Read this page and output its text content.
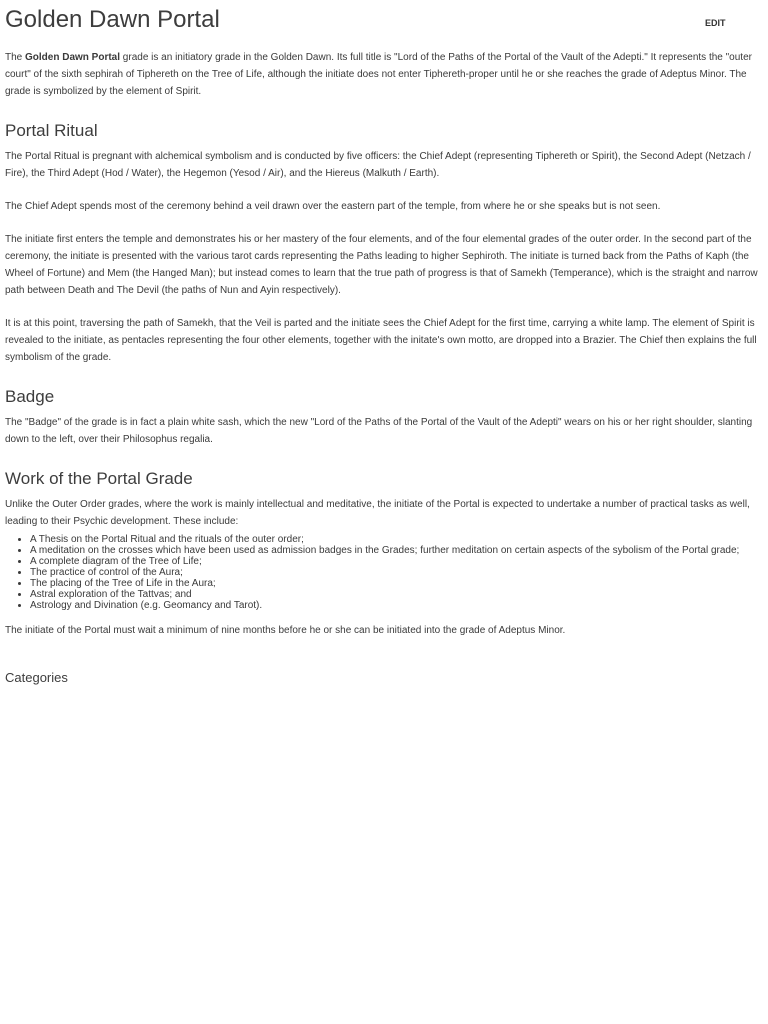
Golden Dawn Portal	EDIT

The Golden Dawn Portal grade is an initiatory grade in the Golden Dawn. Its full title is "Lord of the Paths of the Portal of the Vault of the Adepti." It represents the "outer court" of the sixth sephirah of Tiphereth on the Tree of Life, although the initiate does not enter Tiphereth-proper until he or she reaches the grade of Adeptus Minor. The grade is symbolized by the element of Spirit.

Portal Ritual

The Portal Ritual is pregnant with alchemical symbolism and is conducted by five officers: the Chief Adept (representing Tiphereth or Spirit), the Second Adept (Netzach / Fire), the Third Adept (Hod / Water), the Hegemon (Yesod / Air), and the Hiereus (Malkuth / Earth).

The Chief Adept spends most of the ceremony behind a veil drawn over the eastern part of the temple, from where he or she speaks but is not seen.

The initiate first enters the temple and demonstrates his or her mastery of the four elements, and of the four elemental grades of the outer order. In the second part of the ceremony, the initiate is presented with the various tarot cards representing the Paths leading to higher Sephiroth. The initiate is turned back from the Paths of Kaph (the Wheel of Fortune) and Mem (the Hanged Man); but instead comes to learn that the true path of progress is that of Samekh (Temperance), which is the straight and narrow path between Death and The Devil (the paths of Nun and Ayin respectively).

It is at this point, traversing the path of Samekh, that the Veil is parted and the initiate sees the Chief Adept for the first time, carrying a white lamp. The element of Spirit is revealed to the initiate, as pentacles representing the four other elements, together with the initate's own motto, are dropped into a Brazier. The Chief then explains the full symbolism of the grade.

Badge

The "Badge" of the grade is in fact a plain white sash, which the new "Lord of the Paths of the Portal of the Vault of the Adepti" wears on his or her right shoulder, slanting down to the left, over their Philosophus regalia.

Work of the Portal Grade

Unlike the Outer Order grades, where the work is mainly intellectual and meditative, the initiate of the Portal is expected to undertake a number of practical tasks as well, leading to their Psychic development. These include:

• A Thesis on the Portal Ritual and the rituals of the outer order;
• A meditation on the crosses which have been used as admission badges in the Grades; further meditation on certain aspects of the sybolism of the Portal grade;
• A complete diagram of the Tree of Life;
• The practice of control of the Aura;
• The placing of the Tree of Life in the Aura;
• Astral exploration of the Tattvas; and
• Astrology and Divination (e.g. Geomancy and Tarot).

The initiate of the Portal must wait a minimum of nine months before he or she can be initiated into the grade of Adeptus Minor.

Categories
